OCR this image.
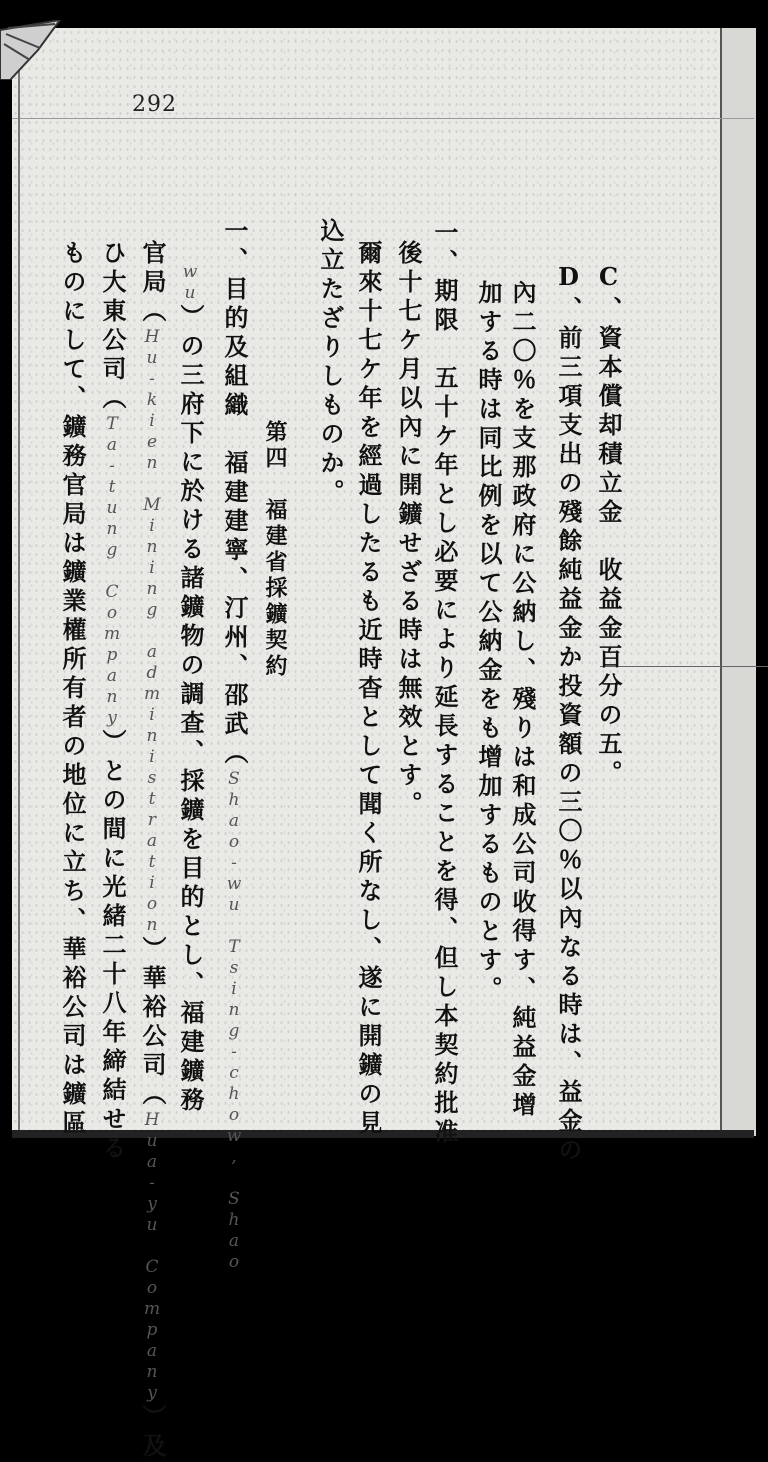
292
C、資本償却積立金　收益金百分の五。
D、前三項支出の殘餘純益金か投資額の三〇％以內なる時は、益金の
內二〇％を支那政府に公納し、殘りは和成公司收得す、純益金增
加する時は同比例を以て公納金をも增加するものとす。
一、期限　五十ケ年とし必要により延長することを得、但し本契約批准
後十七ケ月以內に開鑛せざる時は無效とす。
爾來十七ケ年を經過したるも近時杳として聞く所なし、遂に開鑛の見
込立たざりしものか。
第四　福建省採鑛契約
一、目的及組織　福建建寧、汀州、邵武（Shao-wu Tsing-chow, Shao
wu）の三府下に於ける諸鑛物の調查、採鑛を目的とし、福建鑛務
官局（Hu-kien Mining administration）華裕公司（Hua-yu Company）及
ひ大東公司（Ta-tung Company）との間に光緒二十八年締結せる
ものにして、鑛務官局は鑛業權所有者の地位に立ち、華裕公司は鑛區
